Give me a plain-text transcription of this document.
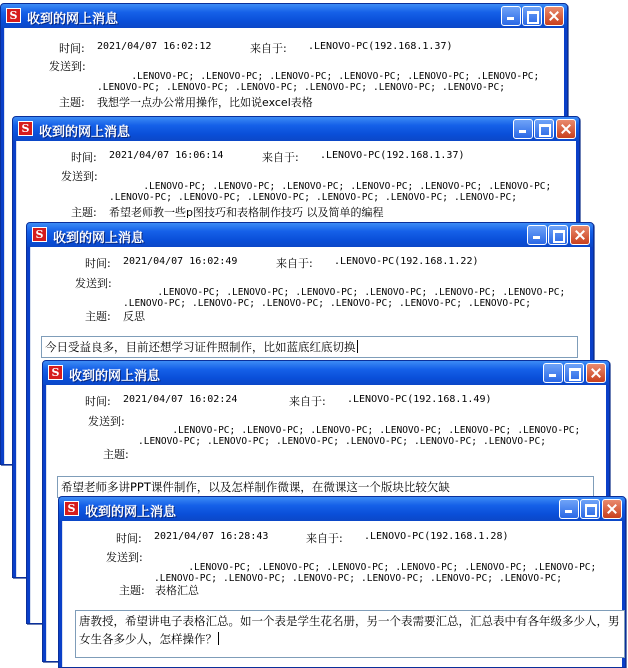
S 收到的网上消息
时间: 2021/04/07 16:02:12	来自于: .LENOVO-PC(192.168.1.37)
发送到:

.LENOVO-PC; .LENOVO-PC; .LENOVO-PC; .LENOVO-PC; .LENOVO-PC; .LENOVO-PC;
.LENOVO-PC; .LENOVO-PC; .LENOVO-PC; .LENOVO-PC; .LENOVO-PC; .LENOVO-PC;

主题: 我想学一点办公常用操作，比如说excel表格
S 收到的网上消息
时间: 2021/04/07 16:06:14	来自于: .LENOVO-PC(192.168.1.37)
发送到:

.LENOVO-PC; .LENOVO-PC; .LENOVO-PC; .LENOVO-PC; .LENOVO-PC; .LENOVO-PC;
.LENOVO-PC; .LENOVO-PC; .LENOVO-PC; .LENOVO-PC; .LENOVO-PC; .LENOVO-PC;

主题: 希望老师教一些p图技巧和表格制作技巧 以及简单的编程
S 收到的网上消息
时间: 2021/04/07 16:02:49	来自于: .LENOVO-PC(192.168.1.22)
发送到:

.LENOVO-PC; .LENOVO-PC; .LENOVO-PC; .LENOVO-PC; .LENOVO-PC; .LENOVO-PC;
.LENOVO-PC; .LENOVO-PC; .LENOVO-PC; .LENOVO-PC; .LENOVO-PC; .LENOVO-PC;

主题: 反思
今日受益良多，目前还想学习证件照制作，比如蓝底红底切换
S 收到的网上消息
时间: 2021/04/07 16:02:24	来自于: .LENOVO-PC(192.168.1.49)
发送到:

.LENOVO-PC; .LENOVO-PC; .LENOVO-PC; .LENOVO-PC; .LENOVO-PC; .LENOVO-PC;
.LENOVO-PC; .LENOVO-PC; .LENOVO-PC; .LENOVO-PC; .LENOVO-PC; .LENOVO-PC;

主题:
希望老师多讲PPT课件制作，以及怎样制作微课，在微课这一个版块比较欠缺
S 收到的网上消息
时间: 2021/04/07 16:28:43	来自于: .LENOVO-PC(192.168.1.28)
发送到:

.LENOVO-PC; .LENOVO-PC; .LENOVO-PC; .LENOVO-PC; .LENOVO-PC; .LENOVO-PC;
.LENOVO-PC; .LENOVO-PC; .LENOVO-PC; .LENOVO-PC; .LENOVO-PC; .LENOVO-PC;

主题: 表格汇总
唐教授，希望讲电子表格汇总。如一个表是学生花名册，另一个表需要汇总，汇总表中有各年级多少人，男女生各多少人，怎样操作？
